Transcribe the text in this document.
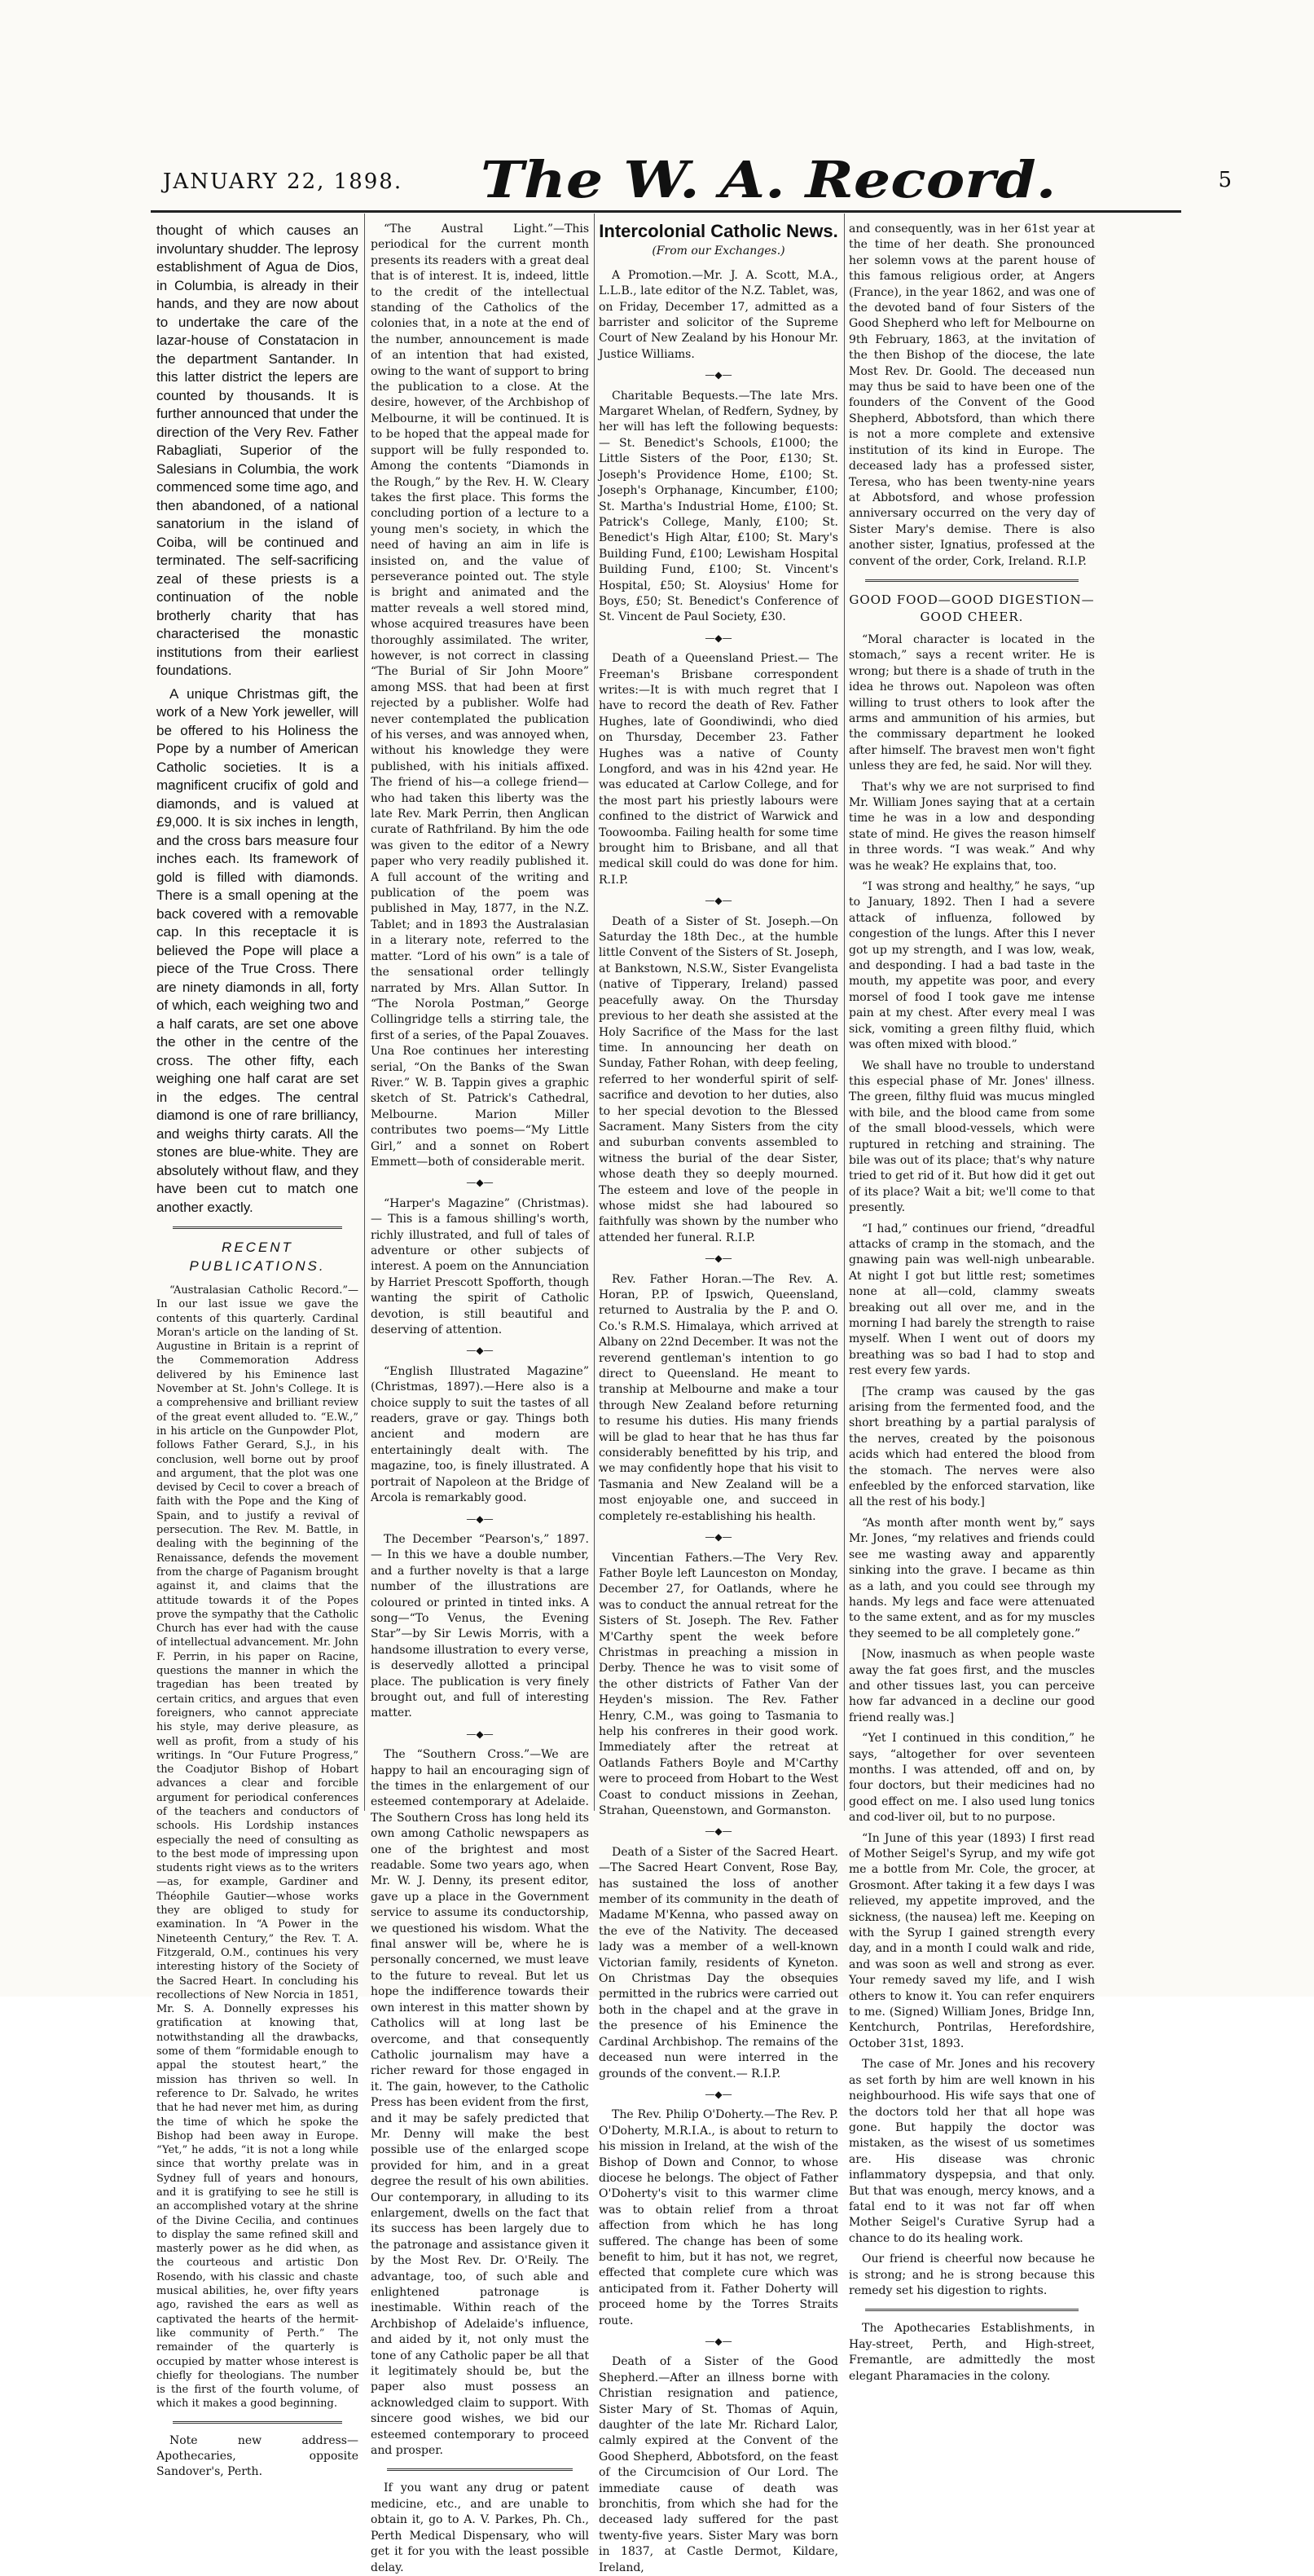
JANUARY 22, 1898. The W. A. Record.	5

thought of which causes an involuntary shudder. The leprosy establishment of Agua de Dios, in Columbia, is already in their hands, and they are now about to undertake the care of the lazar-house of Constatacion in the department Santander. In this latter district the lepers are counted by thousands. It is further announced that under the direction of the Very Rev. Father Rabagliati, Superior of the Salesians in Columbia, the work commenced some time ago, and then abandoned, of a national sanatorium in the island of Coiba, will be continued and terminated. The self-sacrificing zeal of these priests is a continuation of the noble brotherly charity that has characterised the monastic institutions from their earliest foundations.

A unique Christmas gift, the work of a New York jeweller, will be offered to his Holiness the Pope by a number of American Catholic societies. It is a magnificent crucifix of gold and diamonds, and is valued at £9,000. It is six inches in length, and the cross bars measure four inches each. Its framework of gold is filled with diamonds. There is a small opening at the back covered with a removable cap. In this receptacle it is believed the Pope will place a piece of the True Cross. There are ninety diamonds in all, forty of which, each weighing two and a half carats, are set one above the other in the centre of the cross. The other fifty, each weighing one half carat are set in the edges. The central diamond is one of rare brilliancy, and weighs thirty carats. All the stones are blue-white. They are absolutely without flaw, and they have been cut to match one another exactly.

RECENT PUBLICATIONS.

“Australasian Catholic Record.”— In our last issue we gave the contents of this quarterly. Cardinal Moran's article on the landing of St. Augustine in Britain is a reprint of the Commemoration Address delivered by his Eminence last November at St. John's College. It is a comprehensive and brilliant review of the great event alluded to. “E.W.,” in his article on the Gunpowder Plot, follows Father Gerard, S.J., in his conclusion, well borne out by proof and argument, that the plot was one devised by Cecil to cover a breach of faith with the Pope and the King of Spain, and to justify a revival of persecution. The Rev. M. Battle, in dealing with the beginning of the Renaissance, defends the movement from the charge of Paganism brought against it, and claims that the attitude towards it of the Popes prove the sympathy that the Catholic Church has ever had with the cause of intellectual advancement. Mr. John F. Perrin, in his paper on Racine, questions the manner in which the tragedian has been treated by certain critics, and argues that even foreigners, who cannot appreciate his style, may derive pleasure, as well as profit, from a study of his writings. In “Our Future Progress,” the Coadjutor Bishop of Hobart advances a clear and forcible argument for periodical conferences of the teachers and conductors of schools. His Lordship instances especially the need of consulting as to the best mode of impressing upon students right views as to the writers—as, for example, Gardiner and Théophile Gautier—whose works they are obliged to study for examination. In “A Power in the Nineteenth Century,” the Rev. T. A. Fitzgerald, O.M., continues his very interesting history of the Society of the Sacred Heart. In concluding his recollections of New Norcia in 1851, Mr. S. A. Donnelly expresses his gratification at knowing that, notwithstanding all the drawbacks, some of them “formidable enough to appal the stoutest heart,” the mission has thriven so well. In reference to Dr. Salvado, he writes that he had never met him, as during the time of which he spoke the Bishop had been away in Europe. “Yet,” he adds, “it is not a long while since that worthy prelate was in Sydney full of years and honours, and it is gratifying to see he still is an accomplished votary at the shrine of the Divine Cecilia, and continues to display the same refined skill and masterly power as he did when, as the courteous and artistic Don Rosendo, with his classic and chaste musical abilities, he, over fifty years ago, ravished the ears as well as captivated the hearts of the hermit-like community of Perth.” The remainder of the quarterly is occupied by matter whose interest is chiefly for theologians. The number is the first of the fourth volume, of which it makes a good beginning.

Note new address—Apothecaries, opposite Sandover's, Perth.

“The Austral Light.”—This periodical for the current month presents its readers with a great deal that is of interest. It is, indeed, little to the credit of the intellectual standing of the Catholics of the colonies that, in a note at the end of the number, announcement is made of an intention that had existed, owing to the want of support to bring the publication to a close. At the desire, however, of the Archbishop of Melbourne, it will be continued. It is to be hoped that the appeal made for support will be fully responded to. Among the contents “Diamonds in the Rough,” by the Rev. H. W. Cleary takes the first place. This forms the concluding portion of a lecture to a young men's society, in which the need of having an aim in life is insisted on, and the value of perseverance pointed out. The style is bright and animated and the matter reveals a well stored mind, whose acquired treasures have been thoroughly assimilated. The writer, however, is not correct in classing “The Burial of Sir John Moore” among MSS. that had been at first rejected by a publisher. Wolfe had never contemplated the publication of his verses, and was annoyed when, without his knowledge they were published, with his initials affixed. The friend of his—a college friend—who had taken this liberty was the late Rev. Mark Perrin, then Anglican curate of Rathfriland. By him the ode was given to the editor of a Newry paper who very readily published it. A full account of the writing and publication of the poem was published in May, 1877, in the N.Z. Tablet; and in 1893 the Australasian in a literary note, referred to the matter. “Lord of his own” is a tale of the sensational order tellingly narrated by Mrs. Allan Suttor. In “The Norola Postman,” George Collingridge tells a stirring tale, the first of a series, of the Papal Zouaves. Una Roe continues her interesting serial, “On the Banks of the Swan River.” W. B. Tappin gives a graphic sketch of St. Patrick's Cathedral, Melbourne. Marion Miller contributes two poems—“My Little Girl,” and a sonnet on Robert Emmett—both of considerable merit.

—◆—

“Harper's Magazine” (Christmas).— This is a famous shilling's worth, richly illustrated, and full of tales of adventure or other subjects of interest. A poem on the Annunciation by Harriet Prescott Spofforth, though wanting the spirit of Catholic devotion, is still beautiful and deserving of attention.

—◆—

“English Illustrated Magazine” (Christmas, 1897).—Here also is a choice supply to suit the tastes of all readers, grave or gay. Things both ancient and modern are entertainingly dealt with. The magazine, too, is finely illustrated. A portrait of Napoleon at the Bridge of Arcola is remarkably good.

—◆—

The December “Pearson's,” 1897.— In this we have a double number, and a further novelty is that a large number of the illustrations are coloured or printed in tinted inks. A song—“To Venus, the Evening Star”—by Sir Lewis Morris, with a handsome illustration to every verse, is deservedly allotted a principal place. The publication is very finely brought out, and full of interesting matter.

—◆—

The “Southern Cross.”—We are happy to hail an encouraging sign of the times in the enlargement of our esteemed contemporary at Adelaide. The Southern Cross has long held its own among Catholic newspapers as one of the brightest and most readable. Some two years ago, when Mr. W. J. Denny, its present editor, gave up a place in the Government service to assume its conductorship, we questioned his wisdom. What the final answer will be, where he is personally concerned, we must leave to the future to reveal. But let us hope the indifference towards their own interest in this matter shown by Catholics will at long last be overcome, and that consequently Catholic journalism may have a richer reward for those engaged in it. The gain, however, to the Catholic Press has been evident from the first, and it may be safely predicted that Mr. Denny will make the best possible use of the enlarged scope provided for him, and in a great degree the result of his own abilities. Our contemporary, in alluding to its enlargement, dwells on the fact that its success has been largely due to the patronage and assistance given it by the Most Rev. Dr. O'Reily. The advantage, too, of such able and enlightened patronage is inestimable. Within reach of the Archbishop of Adelaide's influence, and aided by it, not only must the tone of any Catholic paper be all that it legitimately should be, but the paper also must possess an acknowledged claim to support. With sincere good wishes, we bid our esteemed contemporary to proceed and prosper.

If you want any drug or patent medicine, etc., and are unable to obtain it, go to A. V. Parkes, Ph. Ch., Perth Medical Dispensary, who will get it for you with the least possible delay.

Intercolonial Catholic News.
(From our Exchanges.)

A Promotion.—Mr. J. A. Scott, M.A., L.L.B., late editor of the N.Z. Tablet, was, on Friday, December 17, admitted as a barrister and solicitor of the Supreme Court of New Zealand by his Honour Mr. Justice Williams.

—◆—

Charitable Bequests.—The late Mrs. Margaret Whelan, of Redfern, Sydney, by her will has left the following bequests:— St. Benedict's Schools, £1000; the Little Sisters of the Poor, £130; St. Joseph's Providence Home, £100; St. Joseph's Orphanage, Kincumber, £100; St. Martha's Industrial Home, £100; St. Patrick's College, Manly, £100; St. Benedict's High Altar, £100; St. Mary's Building Fund, £100; Lewisham Hospital Building Fund, £100; St. Vincent's Hospital, £50; St. Aloysius' Home for Boys, £50; St. Benedict's Conference of St. Vincent de Paul Society, £30.

—◆—

Death of a Queensland Priest.— The Freeman's Brisbane correspondent writes:—It is with much regret that I have to record the death of Rev. Father Hughes, late of Goondiwindi, who died on Thursday, December 23. Father Hughes was a native of County Longford, and was in his 42nd year. He was educated at Carlow College, and for the most part his priestly labours were confined to the district of Warwick and Toowoomba. Failing health for some time brought him to Brisbane, and all that medical skill could do was done for him. R.I.P.

—◆—

Death of a Sister of St. Joseph.—On Saturday the 18th Dec., at the humble little Convent of the Sisters of St. Joseph, at Bankstown, N.S.W., Sister Evangelista (native of Tipperary, Ireland) passed peacefully away. On the Thursday previous to her death she assisted at the Holy Sacrifice of the Mass for the last time. In announcing her death on Sunday, Father Rohan, with deep feeling, referred to her wonderful spirit of self-sacrifice and devotion to her duties, also to her special devotion to the Blessed Sacrament. Many Sisters from the city and suburban convents assembled to witness the burial of the dear Sister, whose death they so deeply mourned. The esteem and love of the people in whose midst she had laboured so faithfully was shown by the number who attended her funeral. R.I.P.

—◆—

Rev. Father Horan.—The Rev. A. Horan, P.P. of Ipswich, Queensland, returned to Australia by the P. and O. Co.'s R.M.S. Himalaya, which arrived at Albany on 22nd December. It was not the reverend gentleman's intention to go direct to Queensland. He meant to tranship at Melbourne and make a tour through New Zealand before returning to resume his duties. His many friends will be glad to hear that he has thus far considerably benefitted by his trip, and we may confidently hope that his visit to Tasmania and New Zealand will be a most enjoyable one, and succeed in completely re-establishing his health.

—◆—

Vincentian Fathers.—The Very Rev. Father Boyle left Launceston on Monday, December 27, for Oatlands, where he was to conduct the annual retreat for the Sisters of St. Joseph. The Rev. Father M'Carthy spent the week before Christmas in preaching a mission in Derby. Thence he was to visit some of the other districts of Father Van der Heyden's mission. The Rev. Father Henry, C.M., was going to Tasmania to help his confreres in their good work. Immediately after the retreat at Oatlands Fathers Boyle and M'Carthy were to proceed from Hobart to the West Coast to conduct missions in Zeehan, Strahan, Queenstown, and Gormanston.

—◆—

Death of a Sister of the Sacred Heart.—The Sacred Heart Convent, Rose Bay, has sustained the loss of another member of its community in the death of Madame M'Kenna, who passed away on the eve of the Nativity. The deceased lady was a member of a well-known Victorian family, residents of Kyneton. On Christmas Day the obsequies permitted in the rubrics were carried out both in the chapel and at the grave in the presence of his Eminence the Cardinal Archbishop. The remains of the deceased nun were interred in the grounds of the convent.— R.I.P.

—◆—

The Rev. Philip O'Doherty.—The Rev. P. O'Doherty, M.R.I.A., is about to return to his mission in Ireland, at the wish of the Bishop of Down and Connor, to whose diocese he belongs. The object of Father O'Doherty's visit to this warmer clime was to obtain relief from a throat affection from which he has long suffered. The change has been of some benefit to him, but it has not, we regret, effected that complete cure which was anticipated from it. Father Doherty will proceed home by the Torres Straits route.

—◆—

Death of a Sister of the Good Shepherd.—After an illness borne with Christian resignation and patience, Sister Mary of St. Thomas of Aquin, daughter of the late Mr. Richard Lalor, calmly expired at the Convent of the Good Shepherd, Abbotsford, on the feast of the Circumcision of Our Lord. The immediate cause of death was bronchitis, from which she had for the deceased lady suffered for the past twenty-five years. Sister Mary was born in 1837, at Castle Dermot, Kildare, Ireland,

and consequently, was in her 61st year at the time of her death. She pronounced her solemn vows at the parent house of this famous religious order, at Angers (France), in the year 1862, and was one of the devoted band of four Sisters of the Good Shepherd who left for Melbourne on 9th February, 1863, at the invitation of the then Bishop of the diocese, the late Most Rev. Dr. Goold. The deceased nun may thus be said to have been one of the founders of the Convent of the Good Shepherd, Abbotsford, than which there is not a more complete and extensive institution of its kind in Europe. The deceased lady has a professed sister, Teresa, who has been twenty-nine years at Abbotsford, and whose profession anniversary occurred on the very day of Sister Mary's demise. There is also another sister, Ignatius, professed at the convent of the order, Cork, Ireland. R.I.P.

GOOD FOOD—GOOD DIGESTION— GOOD CHEER.

“Moral character is located in the stomach,” says a recent writer. He is wrong; but there is a shade of truth in the idea he throws out. Napoleon was often willing to trust others to look after the arms and ammunition of his armies, but the commissary department he looked after himself. The bravest men won't fight unless they are fed, he said. Nor will they.

That's why we are not surprised to find Mr. William Jones saying that at a certain time he was in a low and desponding state of mind. He gives the reason himself in three words. “I was weak.” And why was he weak? He explains that, too.

“I was strong and healthy,” he says, “up to January, 1892. Then I had a severe attack of influenza, followed by congestion of the lungs. After this I never got up my strength, and I was low, weak, and desponding. I had a bad taste in the mouth, my appetite was poor, and every morsel of food I took gave me intense pain at my chest. After every meal I was sick, vomiting a green filthy fluid, which was often mixed with blood.”

We shall have no trouble to understand this especial phase of Mr. Jones' illness. The green, filthy fluid was mucus mingled with bile, and the blood came from some of the small blood-vessels, which were ruptured in retching and straining. The bile was out of its place; that's why nature tried to get rid of it. But how did it get out of its place? Wait a bit; we'll come to that presently.

“I had,” continues our friend, “dreadful attacks of cramp in the stomach, and the gnawing pain was well-nigh unbearable. At night I got but little rest; sometimes none at all—cold, clammy sweats breaking out all over me, and in the morning I had barely the strength to raise myself. When I went out of doors my breathing was so bad I had to stop and rest every few yards.

[The cramp was caused by the gas arising from the fermented food, and the short breathing by a partial paralysis of the nerves, created by the poisonous acids which had entered the blood from the stomach. The nerves were also enfeebled by the enforced starvation, like all the rest of his body.]

“As month after month went by,” says Mr. Jones, “my relatives and friends could see me wasting away and apparently sinking into the grave. I became as thin as a lath, and you could see through my hands. My legs and face were attenuated to the same extent, and as for my muscles they seemed to be all completely gone.”

[Now, inasmuch as when people waste away the fat goes first, and the muscles and other tissues last, you can perceive how far advanced in a decline our good friend really was.]

“Yet I continued in this condition,” he says, “altogether for over seventeen months. I was attended, off and on, by four doctors, but their medicines had no good effect on me. I also used lung tonics and cod-liver oil, but to no purpose.

“In June of this year (1893) I first read of Mother Seigel's Syrup, and my wife got me a bottle from Mr. Cole, the grocer, at Grosmont. After taking it a few days I was relieved, my appetite improved, and the sickness, (the nausea) left me. Keeping on with the Syrup I gained strength every day, and in a month I could walk and ride, and was soon as well and strong as ever. Your remedy saved my life, and I wish others to know it. You can refer enquirers to me. (Signed) William Jones, Bridge Inn, Kentchurch, Pontrilas, Herefordshire, October 31st, 1893.

The case of Mr. Jones and his recovery as set forth by him are well known in his neighbourhood. His wife says that one of the doctors told her that all hope was gone. But happily the doctor was mistaken, as the wisest of us sometimes are. His disease was chronic inflammatory dyspepsia, and that only. But that was enough, mercy knows, and a fatal end to it was not far off when Mother Seigel's Curative Syrup had a chance to do its healing work.

Our friend is cheerful now because he is strong; and he is strong because this remedy set his digestion to rights.

The Apothecaries Establishments, in Hay-street, Perth, and High-street, Fremantle, are admittedly the most elegant Pharamacies in the colony.
